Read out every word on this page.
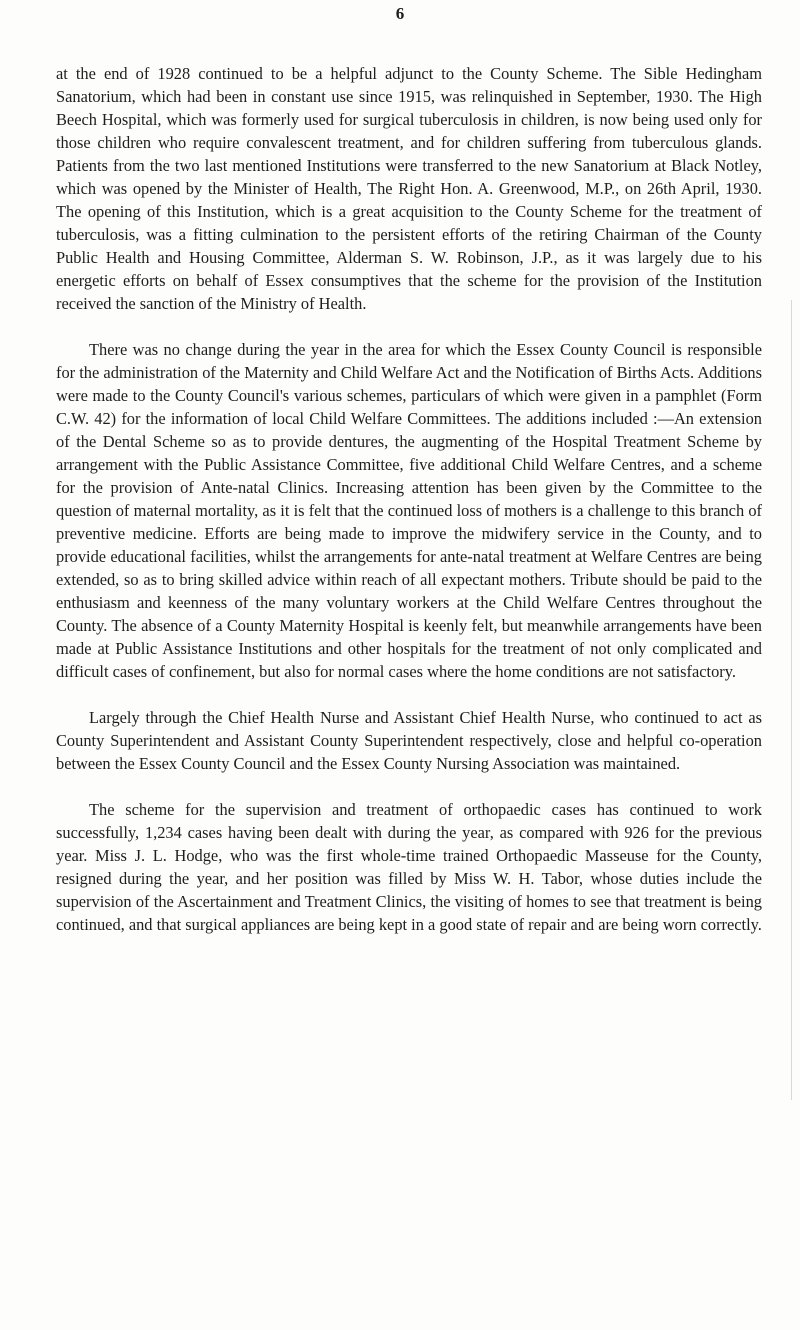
6

at the end of 1928 continued to be a helpful adjunct to the County Scheme. The Sible Hedingham Sanatorium, which had been in constant use since 1915, was relinquished in September, 1930. The High Beech Hospital, which was formerly used for surgical tuberculosis in children, is now being used only for those children who require convalescent treatment, and for children suffering from tuberculous glands. Patients from the two last mentioned Institutions were transferred to the new Sanatorium at Black Notley, which was opened by the Minister of Health, The Right Hon. A. Greenwood, M.P., on 26th April, 1930. The opening of this Institution, which is a great acquisition to the County Scheme for the treatment of tuberculosis, was a fitting culmination to the persistent efforts of the retiring Chairman of the County Public Health and Housing Committee, Alderman S. W. Robinson, J.P., as it was largely due to his energetic efforts on behalf of Essex consumptives that the scheme for the provision of the Institution received the sanction of the Ministry of Health.

There was no change during the year in the area for which the Essex County Council is responsible for the administration of the Maternity and Child Welfare Act and the Notification of Births Acts. Additions were made to the County Council's various schemes, particulars of which were given in a pamphlet (Form C.W. 42) for the information of local Child Welfare Committees. The additions included :—An extension of the Dental Scheme so as to provide dentures, the augmenting of the Hospital Treatment Scheme by arrangement with the Public Assistance Committee, five additional Child Welfare Centres, and a scheme for the provision of Ante-natal Clinics. Increasing attention has been given by the Committee to the question of maternal mortality, as it is felt that the continued loss of mothers is a challenge to this branch of preventive medicine. Efforts are being made to improve the midwifery service in the County, and to provide educational facilities, whilst the arrangements for ante-natal treatment at Welfare Centres are being extended, so as to bring skilled advice within reach of all expectant mothers. Tribute should be paid to the enthusiasm and keenness of the many voluntary workers at the Child Welfare Centres throughout the County. The absence of a County Maternity Hospital is keenly felt, but meanwhile arrangements have been made at Public Assistance Institutions and other hospitals for the treatment of not only complicated and difficult cases of confinement, but also for normal cases where the home conditions are not satisfactory.

Largely through the Chief Health Nurse and Assistant Chief Health Nurse, who continued to act as County Superintendent and Assistant County Superintendent respectively, close and helpful co-operation between the Essex County Council and the Essex County Nursing Association was maintained.

The scheme for the supervision and treatment of orthopaedic cases has continued to work successfully, 1,234 cases having been dealt with during the year, as compared with 926 for the previous year. Miss J. L. Hodge, who was the first whole-time trained Orthopaedic Masseuse for the County, resigned during the year, and her position was filled by Miss W. H. Tabor, whose duties include the supervision of the Ascertainment and Treatment Clinics, the visiting of homes to see that treatment is being continued, and that surgical appliances are being kept in a good state of repair and are being worn correctly.
